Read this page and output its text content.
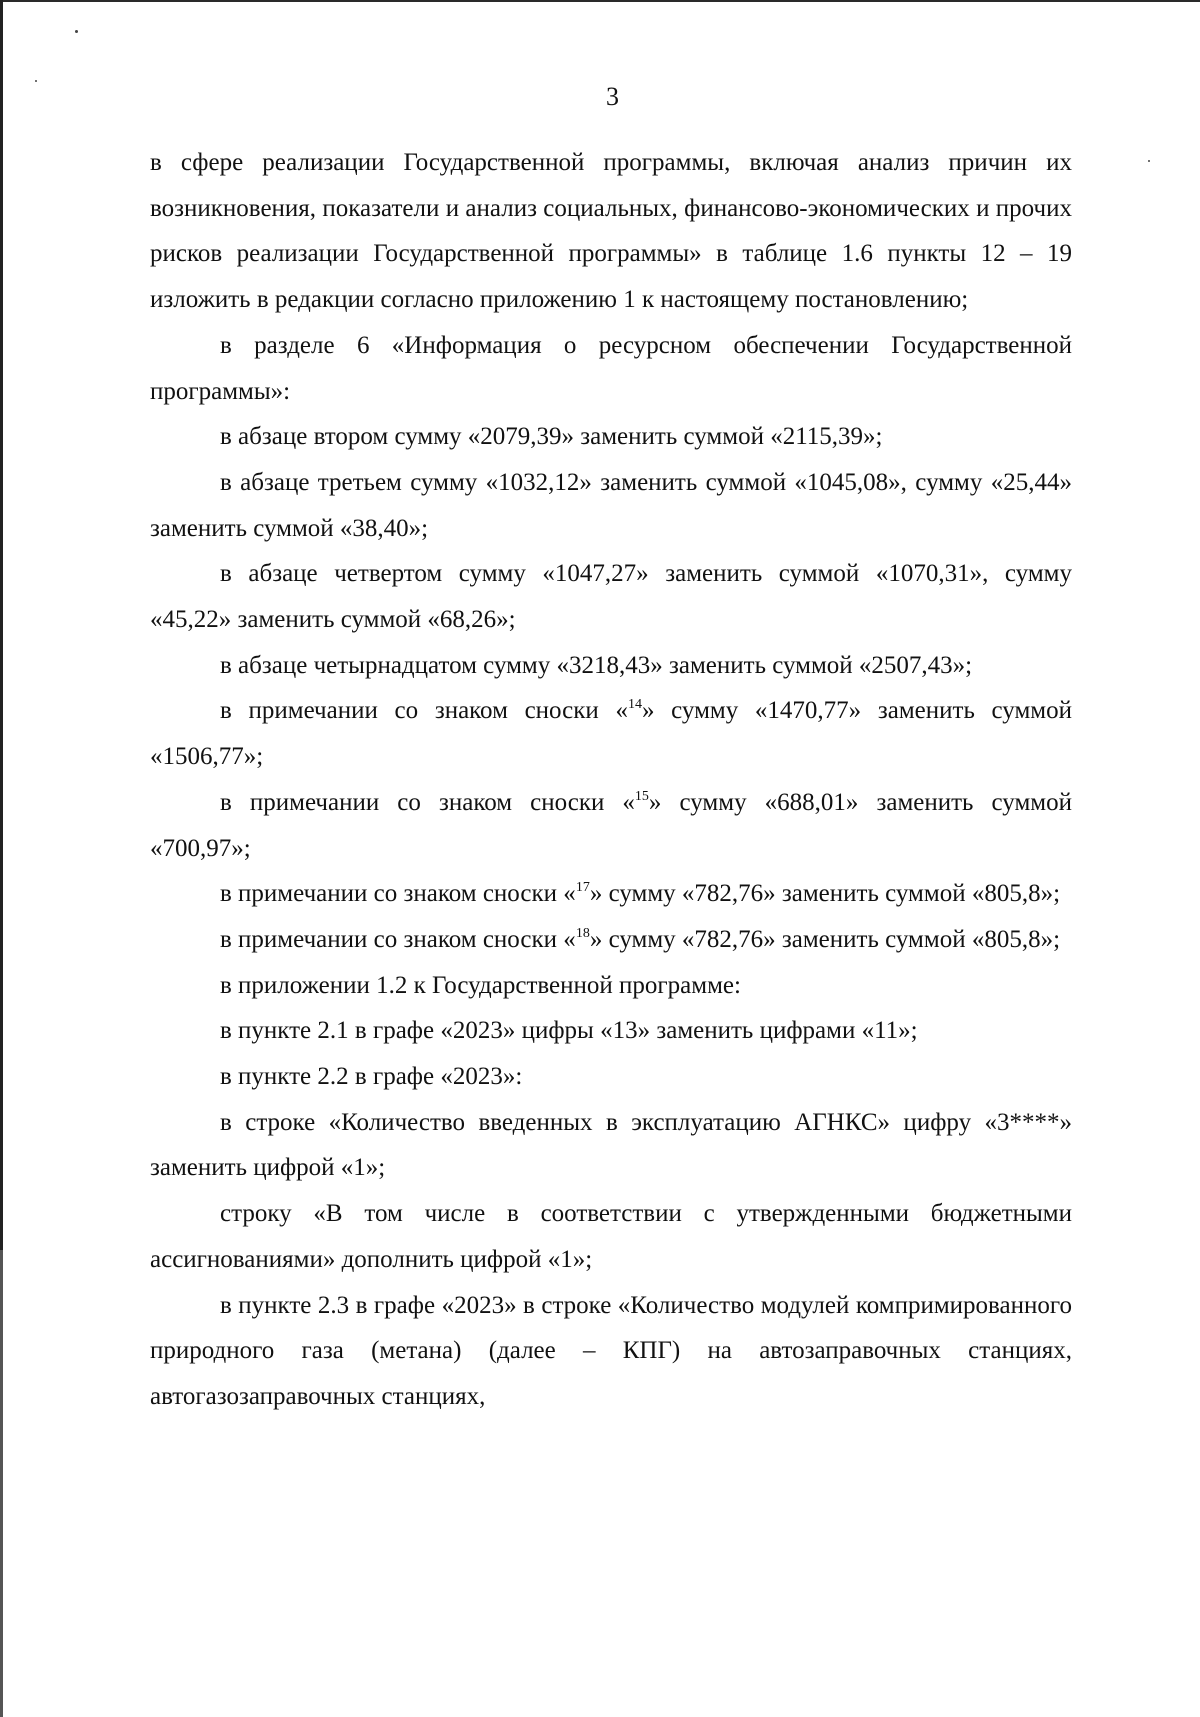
3

в сфере реализации Государственной программы, включая анализ причин их возникновения, показатели и анализ социальных, финансово-экономических и прочих рисков реализации Государственной программы» в таблице 1.6 пункты 12 – 19 изложить в редакции согласно приложению 1 к настоящему постановлению;

в разделе 6 «Информация о ресурсном обеспечении Государственной программы»:

в абзаце втором сумму «2079,39» заменить суммой «2115,39»;

в абзаце третьем сумму «1032,12» заменить суммой «1045,08», сумму «25,44» заменить суммой «38,40»;

в абзаце четвертом сумму «1047,27» заменить суммой «1070,31», сумму «45,22» заменить суммой «68,26»;

в абзаце четырнадцатом сумму «3218,43» заменить суммой «2507,43»;

в примечании со знаком сноски «$^{14}$» сумму «1470,77» заменить суммой «1506,77»;

в примечании со знаком сноски «$^{15}$» сумму «688,01» заменить суммой «700,97»;

в примечании со знаком сноски «$^{17}$» сумму «782,76» заменить суммой «805,8»;

в примечании со знаком сноски «$^{18}$» сумму «782,76» заменить суммой «805,8»;

в приложении 1.2 к Государственной программе:

в пункте 2.1 в графе «2023» цифры «13» заменить цифрами «11»;

в пункте 2.2 в графе «2023»:

в строке «Количество введенных в эксплуатацию АГНКС» цифру «3****» заменить цифрой «1»;

строку «В том числе в соответствии с утвержденными бюджетными ассигнованиями» дополнить цифрой «1»;

в пункте 2.3 в графе «2023» в строке «Количество модулей компримированного природного газа (метана) (далее – КПГ) на автозаправочных станциях, автогазозаправочных станциях,
